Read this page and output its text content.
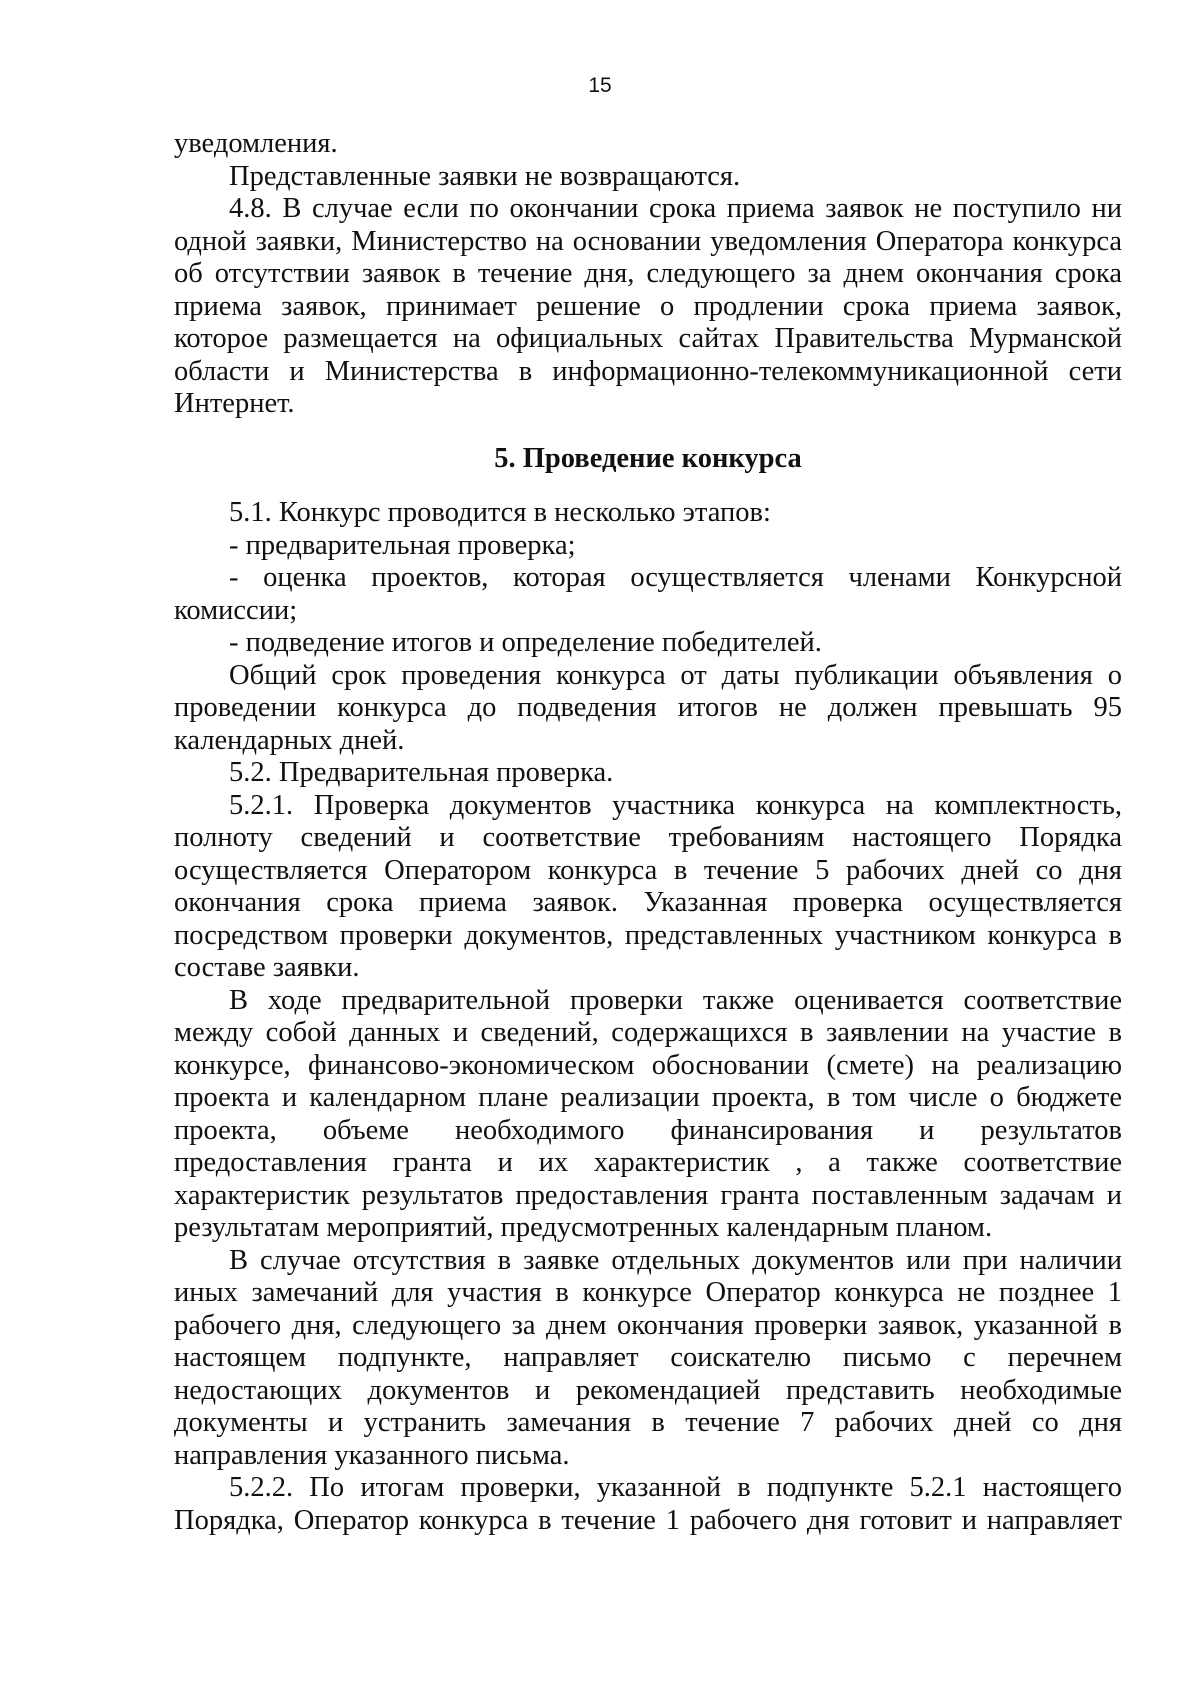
15

уведомления.

Представленные заявки не возвращаются.

4.8. В случае если по окончании срока приема заявок не поступило ни одной заявки, Министерство на основании уведомления Оператора конкурса об отсутствии заявок в течение дня, следующего за днем окончания срока приема заявок, принимает решение о продлении срока приема заявок, которое размещается на официальных сайтах Правительства Мурманской области и Министерства в информационно-телекоммуникационной сети Интернет.

5. Проведение конкурса

5.1. Конкурс проводится в несколько этапов:

- предварительная проверка;

- оценка проектов, которая осуществляется членами Конкурсной комиссии;

- подведение итогов и определение победителей.

Общий срок проведения конкурса от даты публикации объявления о проведении конкурса до подведения итогов не должен превышать 95 календарных дней.

5.2. Предварительная проверка.

5.2.1. Проверка документов участника конкурса на комплектность, полноту сведений и соответствие требованиям настоящего Порядка осуществляется Оператором конкурса в течение 5 рабочих дней со дня окончания срока приема заявок. Указанная проверка осуществляется посредством проверки документов, представленных участником конкурса в составе заявки.

В ходе предварительной проверки также оценивается соответствие между собой данных и сведений, содержащихся в заявлении на участие в конкурсе, финансово-экономическом обосновании (смете) на реализацию проекта и календарном плане реализации проекта, в том числе о бюджете проекта, объеме необходимого финансирования и результатов предоставления гранта и их характеристик , а также соответствие характеристик результатов предоставления гранта поставленным задачам и результатам мероприятий, предусмотренных календарным планом.

В случае отсутствия в заявке отдельных документов или при наличии иных замечаний для участия в конкурсе Оператор конкурса не позднее 1 рабочего дня, следующего за днем окончания проверки заявок, указанной в настоящем подпункте, направляет соискателю письмо с перечнем недостающих документов и рекомендацией представить необходимые документы и устранить замечания в течение 7 рабочих дней со дня направления указанного письма.

5.2.2. По итогам проверки, указанной в подпункте 5.2.1 настоящего Порядка, Оператор конкурса в течение 1 рабочего дня готовит и направляет
